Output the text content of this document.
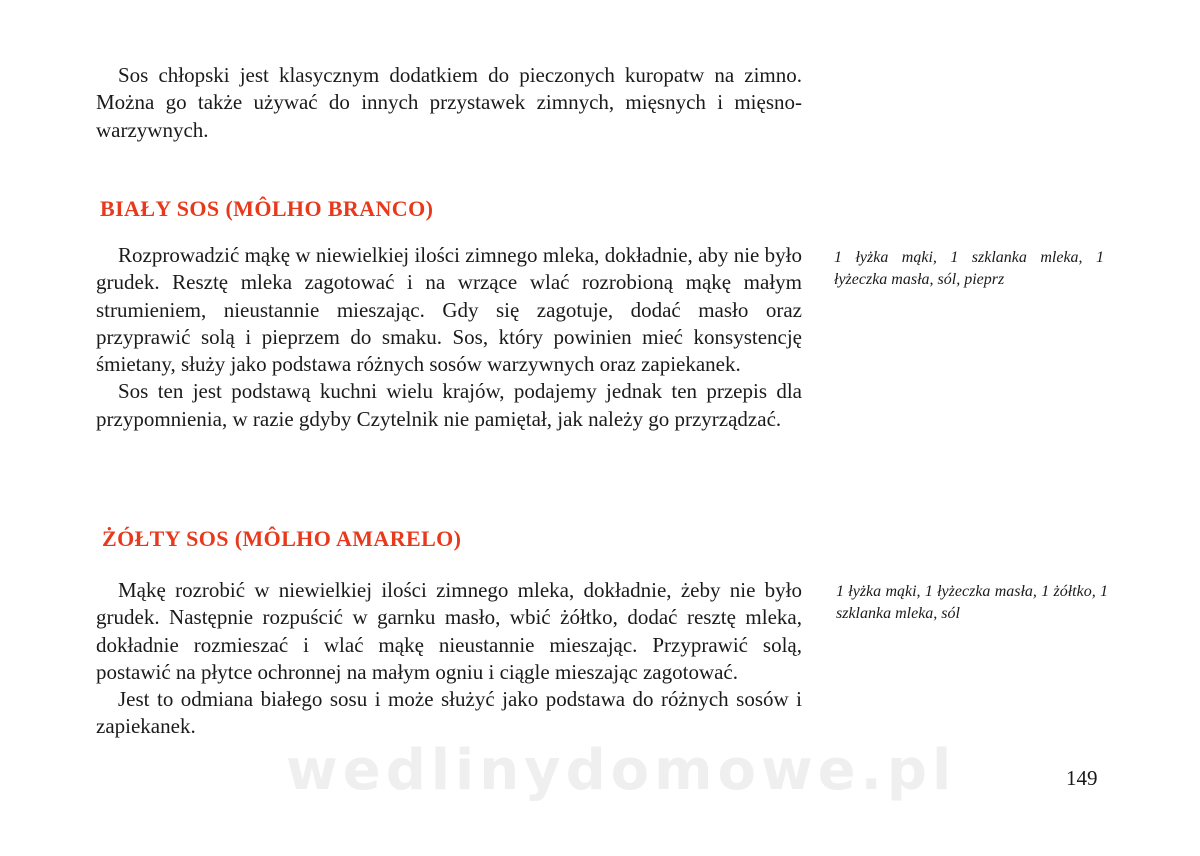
Sos chłopski jest klasycznym dodatkiem do pieczonych kuropatw na zimno. Można go także używać do innych przystawek zimnych, mięsnych i mięsno-warzywnych.

BIAŁY SOS (MÔLHO BRANCO)

Rozprowadzić mąkę w niewielkiej ilości zimnego mleka, dokładnie, aby nie było grudek. Resztę mleka zagotować i na wrzące wlać rozrobioną mąkę małym strumieniem, nieustannie mieszając. Gdy się zagotuje, dodać masło oraz przyprawić solą i pieprzem do smaku. Sos, który powinien mieć konsystencję śmietany, służy jako podstawa różnych sosów warzywnych oraz zapiekanek.

Sos ten jest podstawą kuchni wielu krajów, podajemy jednak ten przepis dla przypomnienia, w razie gdyby Czytelnik nie pamiętał, jak należy go przyrządzać.

1 łyżka mąki, 1 szklanka mleka, 1 łyżeczka masła, sól, pieprz
ŻÓŁTY SOS (MÔLHO AMARELO)

Mąkę rozrobić w niewielkiej ilości zimnego mleka, dokładnie, żeby nie było grudek. Następnie rozpuścić w garnku masło, wbić żółtko, dodać resztę mleka, dokładnie rozmieszać i wlać mąkę nieustannie mieszając. Przyprawić solą, postawić na płytce ochronnej na małym ogniu i ciągle mieszając zagotować.

Jest to odmiana białego sosu i może służyć jako podstawa do różnych sosów i zapiekanek.

1 łyżka mąki, 1 łyżeczka masła, 1 żółtko, 1 szklanka mleka, sól
wedlinydomowe.pl	149
